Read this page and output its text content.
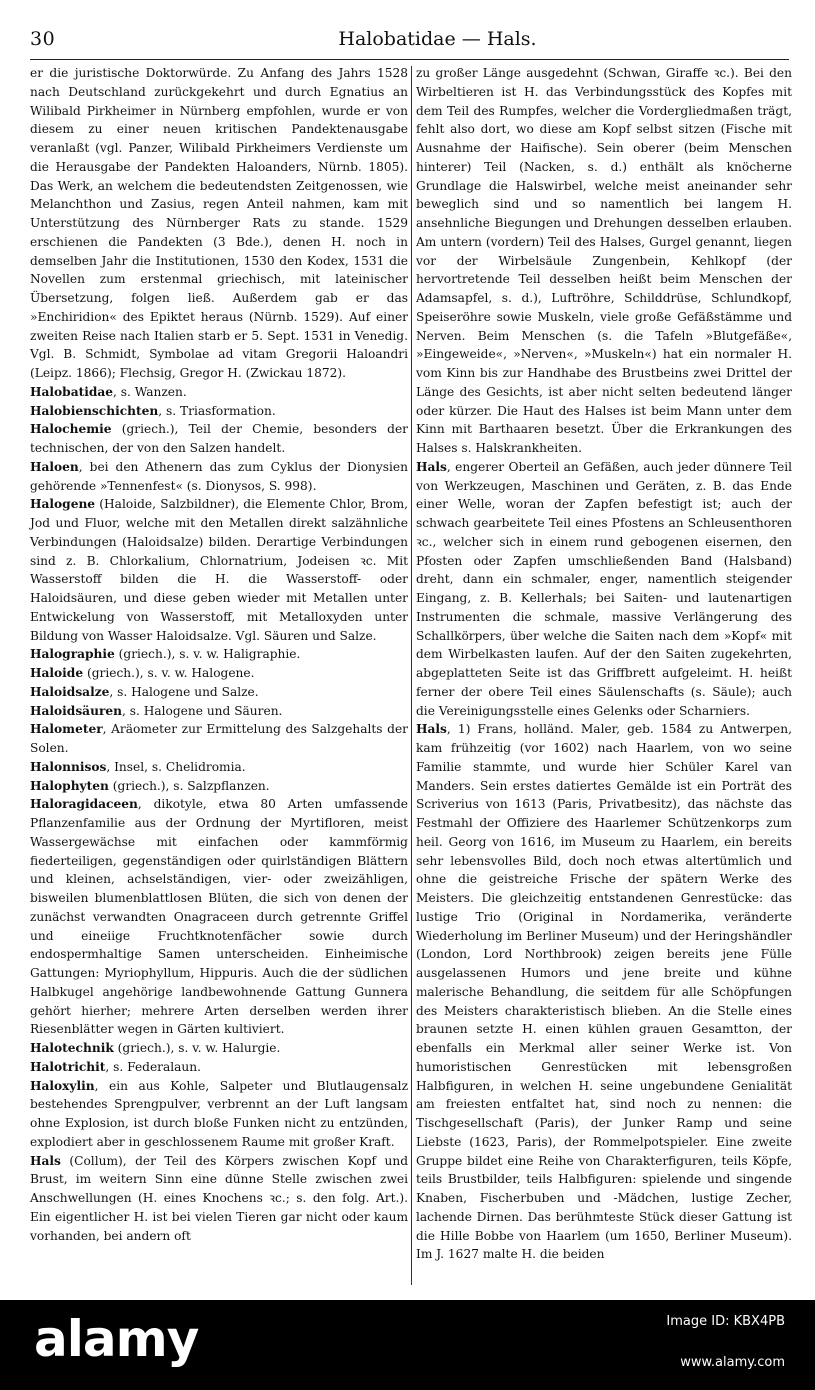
30	Halobatidae — Hals.

er die juristische Doktorwürde. Zu Anfang des Jahrs 1528 nach Deutschland zurückgekehrt und durch Egnatius an Wilibald Pirkheimer in Nürnberg empfohlen, wurde er von diesem zu einer neuen kritischen Pandektenausgabe veranlaßt (vgl. Panzer, Wilibald Pirkheimers Verdienste um die Herausgabe der Pandekten Haloanders, Nürnb. 1805). Das Werk, an welchem die bedeutendsten Zeitgenossen, wie Melanchthon und Zasius, regen Anteil nahmen, kam mit Unterstützung des Nürnberger Rats zu stande. 1529 erschienen die Pandekten (3 Bde.), denen H. noch in demselben Jahr die Institutionen, 1530 den Kodex, 1531 die Novellen zum erstenmal griechisch, mit lateinischer Übersetzung, folgen ließ. Außerdem gab er das »Enchiridion« des Epiktet heraus (Nürnb. 1529). Auf einer zweiten Reise nach Italien starb er 5. Sept. 1531 in Venedig. Vgl. B. Schmidt, Symbolae ad vitam Gregorii Haloandri (Leipz. 1866); Flechsig, Gregor H. (Zwickau 1872).

Halobatidae, s. Wanzen.

Halobienschichten, s. Triasformation.

Halochemie (griech.), Teil der Chemie, besonders der technischen, der von den Salzen handelt.

Haloen, bei den Athenern das zum Cyklus der Dionysien gehörende »Tennenfest« (s. Dionysos, S. 998).

Halogene (Haloide, Salzbildner), die Elemente Chlor, Brom, Jod und Fluor, welche mit den Metallen direkt salzähnliche Verbindungen (Haloidsalze) bilden. Derartige Verbindungen sind z. B. Chlorkalium, Chlornatrium, Jodeisen ꝛc. Mit Wasserstoff bilden die H. die Wasserstoff- oder Haloidsäuren, und diese geben wieder mit Metallen unter Entwickelung von Wasserstoff, mit Metalloxyden unter Bildung von Wasser Haloidsalze. Vgl. Säuren und Salze.

Halographie (griech.), s. v. w. Haligraphie.

Haloide (griech.), s. v. w. Halogene.

Haloidsalze, s. Halogene und Salze.

Haloidsäuren, s. Halogene und Säuren.

Halometer, Aräometer zur Ermittelung des Salzgehalts der Solen.

Halonnisos, Insel, s. Chelidromia.

Halophyten (griech.), s. Salzpflanzen.

Haloragidaceen, dikotyle, etwa 80 Arten umfassende Pflanzenfamilie aus der Ordnung der Myrtifloren, meist Wassergewächse mit einfachen oder kammförmig fiederteiligen, gegenständigen oder quirlständigen Blättern und kleinen, achselständigen, vier- oder zweizähligen, bisweilen blumenblattlosen Blüten, die sich von denen der zunächst verwandten Onagraceen durch getrennte Griffel und eineiige Fruchtknotenfächer sowie durch endospermhaltige Samen unterscheiden. Einheimische Gattungen: Myriophyllum, Hippuris. Auch die der südlichen Halbkugel angehörige landbewohnende Gattung Gunnera gehört hierher; mehrere Arten derselben werden ihrer Riesenblätter wegen in Gärten kultiviert.

Halotechnik (griech.), s. v. w. Halurgie.

Halotrichit, s. Federalaun.

Haloxylin, ein aus Kohle, Salpeter und Blutlaugensalz bestehendes Sprengpulver, verbrennt an der Luft langsam ohne Explosion, ist durch bloße Funken nicht zu entzünden, explodiert aber in geschlossenem Raume mit großer Kraft.

Hals (Collum), der Teil des Körpers zwischen Kopf und Brust, im weitern Sinn eine dünne Stelle zwischen zwei Anschwellungen (H. eines Knochens ꝛc.; s. den folg. Art.). Ein eigentlicher H. ist bei vielen Tieren gar nicht oder kaum vorhanden, bei andern oft

zu großer Länge ausgedehnt (Schwan, Giraffe ꝛc.). Bei den Wirbeltieren ist H. das Verbindungsstück des Kopfes mit dem Teil des Rumpfes, welcher die Vordergliedmaßen trägt, fehlt also dort, wo diese am Kopf selbst sitzen (Fische mit Ausnahme der Haifische). Sein oberer (beim Menschen hinterer) Teil (Nacken, s. d.) enthält als knöcherne Grundlage die Halswirbel, welche meist aneinander sehr beweglich sind und so namentlich bei langem H. ansehnliche Biegungen und Drehungen desselben erlauben. Am untern (vordern) Teil des Halses, Gurgel genannt, liegen vor der Wirbelsäule Zungenbein, Kehlkopf (der hervortretende Teil desselben heißt beim Menschen der Adamsapfel, s. d.), Luftröhre, Schilddrüse, Schlundkopf, Speiseröhre sowie Muskeln, viele große Gefäßstämme und Nerven. Beim Menschen (s. die Tafeln »Blutgefäße«, »Eingeweide«, »Nerven«, »Muskeln«) hat ein normaler H. vom Kinn bis zur Handhabe des Brustbeins zwei Drittel der Länge des Gesichts, ist aber nicht selten bedeutend länger oder kürzer. Die Haut des Halses ist beim Mann unter dem Kinn mit Barthaaren besetzt. Über die Erkrankungen des Halses s. Halskrankheiten.

Hals, engerer Oberteil an Gefäßen, auch jeder dünnere Teil von Werkzeugen, Maschinen und Geräten, z. B. das Ende einer Welle, woran der Zapfen befestigt ist; auch der schwach gearbeitete Teil eines Pfostens an Schleusenthoren ꝛc., welcher sich in einem rund gebogenen eisernen, den Pfosten oder Zapfen umschließenden Band (Halsband) dreht, dann ein schmaler, enger, namentlich steigender Eingang, z. B. Kellerhals; bei Saiten- und lautenartigen Instrumenten die schmale, massive Verlängerung des Schallkörpers, über welche die Saiten nach dem »Kopf« mit dem Wirbelkasten laufen. Auf der den Saiten zugekehrten, abgeplatteten Seite ist das Griffbrett aufgeleimt. H. heißt ferner der obere Teil eines Säulenschafts (s. Säule); auch die Vereinigungsstelle eines Gelenks oder Scharniers.

Hals, 1) Frans, holländ. Maler, geb. 1584 zu Antwerpen, kam frühzeitig (vor 1602) nach Haarlem, von wo seine Familie stammte, und wurde hier Schüler Karel van Manders. Sein erstes datiertes Gemälde ist ein Porträt des Scriverius von 1613 (Paris, Privatbesitz), das nächste das Festmahl der Offiziere des Haarlemer Schützenkorps zum heil. Georg von 1616, im Museum zu Haarlem, ein bereits sehr lebensvolles Bild, doch noch etwas altertümlich und ohne die geistreiche Frische der spätern Werke des Meisters. Die gleichzeitig entstandenen Genrestücke: das lustige Trio (Original in Nordamerika, veränderte Wiederholung im Berliner Museum) und der Heringshändler (London, Lord Northbrook) zeigen bereits jene Fülle ausgelassenen Humors und jene breite und kühne malerische Behandlung, die seitdem für alle Schöpfungen des Meisters charakteristisch blieben. An die Stelle eines braunen setzte H. einen kühlen grauen Gesamtton, der ebenfalls ein Merkmal aller seiner Werke ist. Von humoristischen Genrestücken mit lebensgroßen Halbfiguren, in welchen H. seine ungebundene Genialität am freiesten entfaltet hat, sind noch zu nennen: die Tischgesellschaft (Paris), der Junker Ramp und seine Liebste (1623, Paris), der Rommelpotspieler. Eine zweite Gruppe bildet eine Reihe von Charakterfiguren, teils Köpfe, teils Brustbilder, teils Halbfiguren: spielende und singende Knaben, Fischerbuben und -Mädchen, lustige Zecher, lachende Dirnen. Das berühmteste Stück dieser Gattung ist die Hille Bobbe von Haarlem (um 1650, Berliner Museum). Im J. 1627 malte H. die beiden

alamy	Image ID: KBX4PB
www.alamy.com
